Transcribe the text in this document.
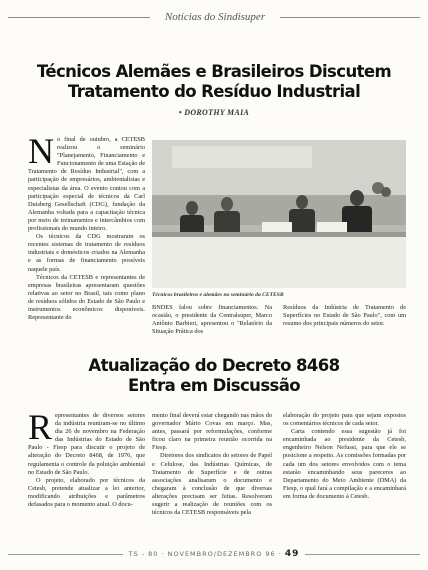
Notícias do Sindisuper
Técnicos Alemães e Brasileiros Discutem
Tratamento do Resíduo Industrial
• DOROTHY MAIA
N o final de outubro, a CETESB realizou o seminário "Planejamento, Financiamento e Funcionamento de uma Estação de Tratamento de Resíduo Industrial", com a participação de empresários, ambientalistas e especialistas da área. O evento contou com a participação especial de técnicos da Carl Duisberg Gesellschaft (CDG), fundação da Alemanha voltada para a capacitação técnica por meio de treinamentos e intercâmbios com profissionais do mundo inteiro.

Os técnicos da CDG mostraram os recentes sistemas de tratamento de resíduos industriais e domésticos criados na Alemanha e as formas de financiamento possíveis naquele país.

Técnicos da CETESB e representantes de empresas brasileiras apresentaram questões relativas ao setor no Brasil, tais como plano de resíduos sólidos do Estado de São Paulo e instrumentos econômicos disponíveis. Representante do

Técnicos brasileiros e alemães no seminário da CETESB

BNDES falou sobre financiamentos. Na ocasião, o presidente da Centralsuper, Marco Antônio Barbieri, apresentou o "Relatório da Situação Prática dos

Resíduos da Indústria de Tratamento de Superfícies no Estado de São Paulo", com um resumo dos principais números do setor.

Atualização do Decreto 8468
Entra em Discussão
R epresentantes de diversos setores da indústria reuniram-se no último dia 26 de novembro na Federação das Indústrias do Estado de São Paulo - Fiesp para discutir o projeto de alteração do Decreto 8468, de 1976, que regulamenta o controle da poluição ambiental no Estado de São Paulo.

O projeto, elaborado por técnicos da Cetesb, pretende atualizar a lei anterior, modificando atribuições e parâmetros defasados para o momento atual. O docu-

mento final deverá estar chegando nas mãos do governador Mário Covas em março. Mas, antes, passará por reformulações, conforme ficou claro na primeira reunião ocorrida na Fiesp.

Diretores dos sindicatos do setores de Papel e Celulose, das Indústrias Químicas, de Tratamento de Superfície e de outras associações analisaram o documento e chegaram à conclusão de que diversas alterações precisam ser feitas. Resolveram sugerir a realização de reuniões com os técnicos da CETESB responsáveis pela

elaboração do projeto para que sejam expostos os comentários técnicos de cada setor.

Carta contendo essa sugestão já foi encaminhada ao presidente da Cetesb, engenheiro Nelson Nefussi, para que ele se posicione a respeito. As comissões formadas por cada um dos setores envolvidos com o tema estarão encaminhando seus pareceres ao Departamento do Meio Ambiente (DMA) da Fiesp, o qual fará a compilação e a encaminhará em forma de documento à Cetesb.

TS - 80 · NOVEMBRO/DEZEMBRO 96 · 49
